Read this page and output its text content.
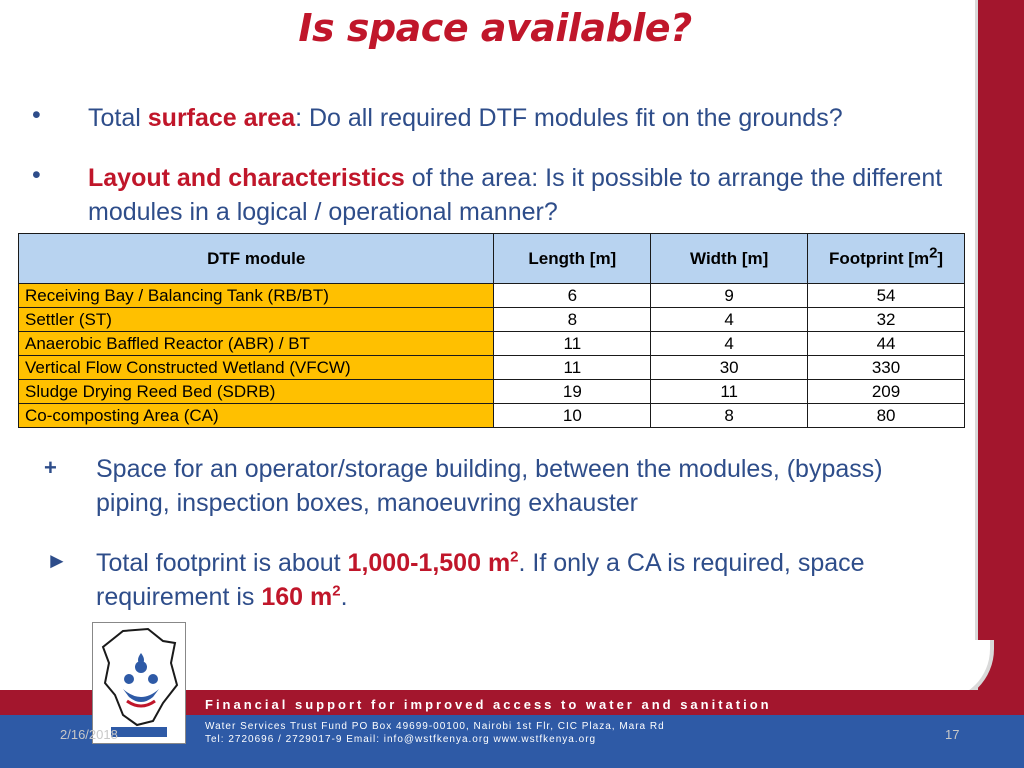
Is space available?
• Total surface area: Do all required DTF modules fit on the grounds?
• Layout and characteristics of the area: Is it possible to arrange the different modules in a logical / operational manner?
DTF module	Length [m]	Width [m]	Footprint $[m^2]$
Receiving Bay / Balancing Tank (RB/BT)	6	9	54
Settler (ST)	8	4	32
Anaerobic Baffled Reactor (ABR) / BT	11	4	44
Vertical Flow Constructed Wetland (VFCW)	11	30	330
Sludge Drying Reed Bed (SDRB)	19	11	209
Co-composting Area (CA)	10	8	80
+ Space for an operator/storage building, between the modules, (bypass) piping, inspection boxes, manoeuvring exhauster
► Total footprint is about 1,000-1,500 $m^2$. If only a CA is required, space requirement is 160 $m^2$.
Financial support for improved access to water and sanitation
Water Services Trust Fund PO Box 49699-00100, Nairobi 1st Flr, CIC Plaza, Mara Rd
Tel: 2720696 / 2729017-9 Email: info@wstfkenya.org www.wstfkenya.org
2/16/2018	17
